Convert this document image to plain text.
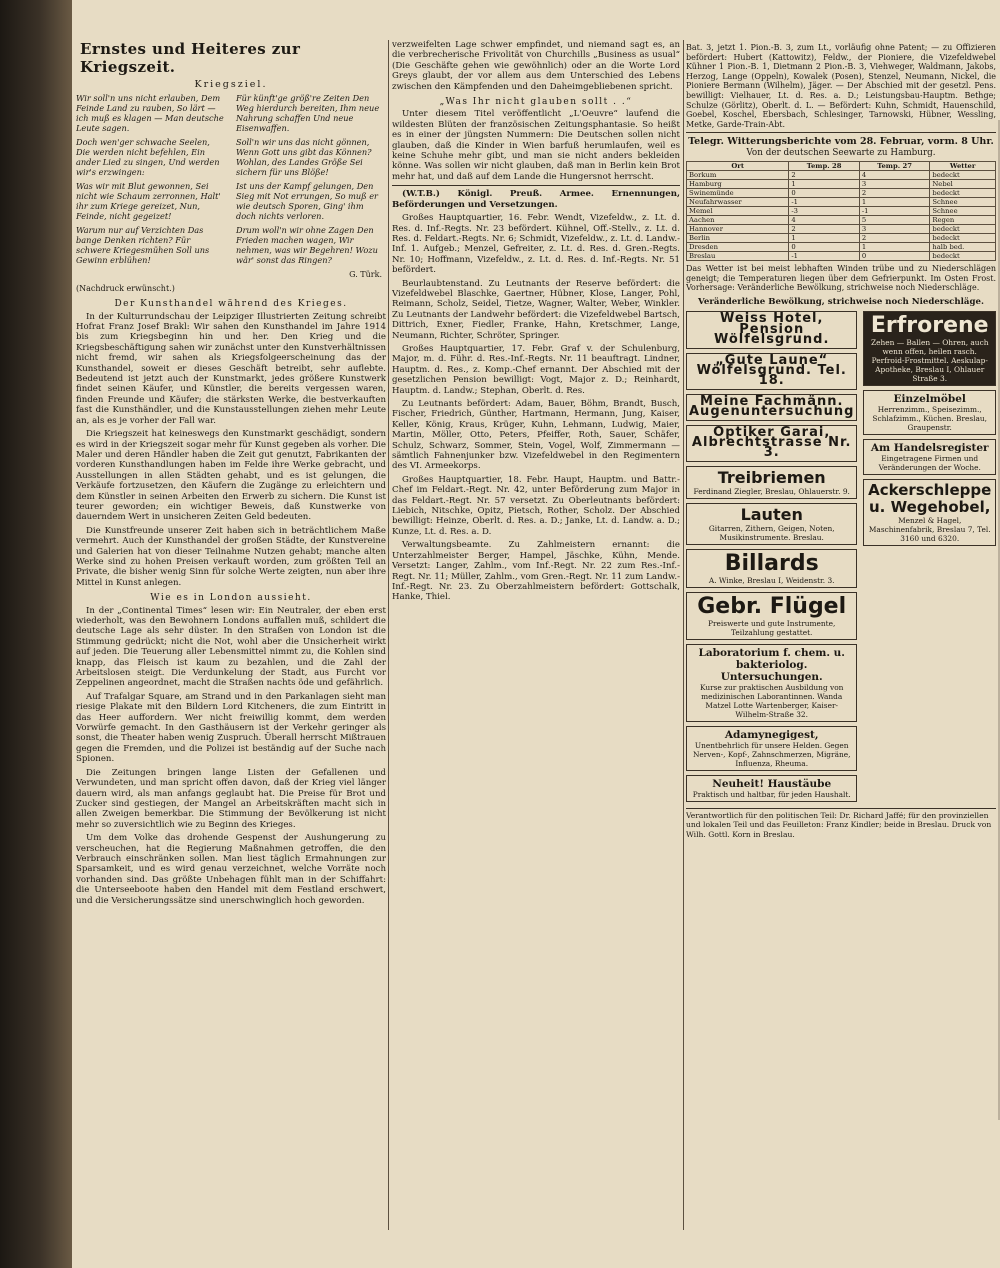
Ernstes und Heiteres zur Kriegszeit.
Kriegsziel.

Wir soll'n uns nicht erlauben, Dem Feinde Land zu rauben, So lärt — ich muß es klagen — Man deutsche Leute sagen.

Doch wen'ger schwache Seelen, Die werden nicht befehlen, Ein ander Lied zu singen, Und werden wir's erzwingen:

Was wir mit Blut gewonnen, Sei nicht wie Schaum zerronnen, Halt' ihr zum Kriege gereizet, Nun, Feinde, nicht gegeizet!

Warum nur auf Verzichten Das bange Denken richten? Für schwere Kriegesmühen Soll uns Gewinn erblühen!

Für künft'ge größ're Zeiten Den Weg hierdurch bereiten, Ihm neue Nahrung schaffen Und neue Eisenwaffen.

Soll'n wir uns das nicht gönnen, Wenn Gott uns gibt das Können? Wohlan, des Landes Größe Sei sichern für uns Blöße!

Ist uns der Kampf gelungen, Den Sieg mit Not errungen, So muß er wie deutsch Sporen, Ging' ihm doch nichts verloren.

Drum woll'n wir ohne Zagen Den Frieden machen wagen, Wir nehmen, was wir Begehren! Wozu wär' sonst das Ringen?

G. Türk.
(Nachdruck erwünscht.)
Der Kunsthandel während des Krieges.

In der Kulturrundschau der Leipziger Illustrierten Zeitung schreibt Hofrat Franz Josef Brakl: Wir sahen den Kunsthandel im Jahre 1914 bis zum Kriegsbeginn hin und her. Den Krieg und die Kriegsbeschäftigung sahen wir zunächst unter den Kunstverhältnissen nicht fremd, wir sahen als Kriegsfolgeerscheinung das der Kunsthandel, soweit er dieses Geschäft betreibt, sehr auflebte. Bedeutend ist jetzt auch der Kunstmarkt, jedes größere Kunstwerk findet seinen Käufer, und Künstler, die bereits vergessen waren, finden Freunde und Käufer; die stärksten Werke, die bestverkauften fast die Kunsthändler, und die Kunstausstellungen ziehen mehr Leute an, als es je vorher der Fall war.

Die Kriegszeit hat keineswegs den Kunstmarkt geschädigt, sondern es wird in der Kriegszeit sogar mehr für Kunst gegeben als vorher. Die Maler und deren Händler haben die Zeit gut genutzt, Fabrikanten der vorderen Kunsthandlungen haben im Felde ihre Werke gebracht, und Ausstellungen in allen Städten gehabt, und es ist gelungen, die Verkäufe fortzusetzen, den Käufern die Zugänge zu erleichtern und dem Künstler in seinen Arbeiten den Erwerb zu sichern. Die Kunst ist teurer geworden; ein wichtiger Beweis, daß Kunstwerke von dauerndem Wert in unsicheren Zeiten Geld bedeuten.

Die Kunstfreunde unserer Zeit haben sich in beträchtlichem Maße vermehrt. Auch der Kunsthandel der großen Städte, der Kunstvereine und Galerien hat von dieser Teilnahme Nutzen gehabt; manche alten Werke sind zu hohen Preisen verkauft worden, zum größten Teil an Private, die bisher wenig Sinn für solche Werte zeigten, nun aber ihre Mittel in Kunst anlegen.

Wie es in London aussieht.

In der „Continental Times“ lesen wir: Ein Neutraler, der eben erst wiederholt, was den Bewohnern Londons auffallen muß, schildert die deutsche Lage als sehr düster. In den Straßen von London ist die Stimmung gedrückt; nicht die Not, wohl aber die Unsicherheit wirkt auf jeden. Die Teuerung aller Lebensmittel nimmt zu, die Kohlen sind knapp, das Fleisch ist kaum zu bezahlen, und die Zahl der Arbeitslosen steigt. Die Verdunkelung der Stadt, aus Furcht vor Zeppelinen angeordnet, macht die Straßen nachts öde und gefährlich.

Auf Trafalgar Square, am Strand und in den Parkanlagen sieht man riesige Plakate mit den Bildern Lord Kitcheners, die zum Eintritt in das Heer auffordern. Wer nicht freiwillig kommt, dem werden Vorwürfe gemacht. In den Gasthäusern ist der Verkehr geringer als sonst, die Theater haben wenig Zuspruch. Überall herrscht Mißtrauen gegen die Fremden, und die Polizei ist beständig auf der Suche nach Spionen.

Die Zeitungen bringen lange Listen der Gefallenen und Verwundeten, und man spricht offen davon, daß der Krieg viel länger dauern wird, als man anfangs geglaubt hat. Die Preise für Brot und Zucker sind gestiegen, der Mangel an Arbeitskräften macht sich in allen Zweigen bemerkbar. Die Stimmung der Bevölkerung ist nicht mehr so zuversichtlich wie zu Beginn des Krieges.

Um dem Volke das drohende Gespenst der Aushungerung zu verscheuchen, hat die Regierung Maßnahmen getroffen, die den Verbrauch einschränken sollen. Man liest täglich Ermahnungen zur Sparsamkeit, und es wird genau verzeichnet, welche Vorräte noch vorhanden sind. Das größte Unbehagen fühlt man in der Schiffahrt: die Unterseeboote haben den Handel mit dem Festland erschwert, und die Versicherungssätze sind unerschwinglich hoch geworden.

verzweifelten Lage schwer empfindet, und niemand sagt es, an die verbrecherische Frivolität von Churchills „Business as usual“ (Die Geschäfte gehen wie gewöhnlich) oder an die Worte Lord Greys glaubt, der vor allem aus dem Unterschied des Lebens zwischen den Kämpfenden und den Daheimgebliebenen spricht.

„Was Ihr nicht glauben sollt . .“

Unter diesem Titel veröffentlicht „L'Oeuvre“ laufend die wildesten Blüten der französischen Zeitungsphantasie. So heißt es in einer der jüngsten Nummern: Die Deutschen sollen nicht glauben, daß die Kinder in Wien barfuß herumlaufen, weil es keine Schuhe mehr gibt, und man sie nicht anders bekleiden könne. Was sollen wir nicht glauben, daß man in Berlin kein Brot mehr hat, und daß auf dem Lande die Hungersnot herrscht.

(W.T.B.) Königl. Preuß. Armee. Ernennungen, Beförderungen und Versetzungen.

Großes Hauptquartier, 16. Febr. Wendt, Vizefeldw., z. Lt. d. Res. d. Inf.-Regts. Nr. 23 befördert. Kühnel, Off.-Stellv., z. Lt. d. Res. d. Feldart.-Regts. Nr. 6; Schmidt, Vizefeldw., z. Lt. d. Landw.-Inf. 1. Aufgeb.; Menzel, Gefreiter, z. Lt. d. Res. d. Gren.-Regts. Nr. 10; Hoffmann, Vizefeldw., z. Lt. d. Res. d. Inf.-Regts. Nr. 51 befördert.

Beurlaubtenstand. Zu Leutnants der Reserve befördert: die Vizefeldwebel Blaschke, Gaertner, Hübner, Klose, Langer, Pohl, Reimann, Scholz, Seidel, Tietze, Wagner, Walter, Weber, Winkler. Zu Leutnants der Landwehr befördert: die Vizefeldwebel Bartsch, Dittrich, Exner, Fiedler, Franke, Hahn, Kretschmer, Lange, Neumann, Richter, Schröter, Springer.

Großes Hauptquartier, 17. Febr. Graf v. der Schulenburg, Major, m. d. Führ. d. Res.-Inf.-Regts. Nr. 11 beauftragt. Lindner, Hauptm. d. Res., z. Komp.-Chef ernannt. Der Abschied mit der gesetzlichen Pension bewilligt: Vogt, Major z. D.; Reinhardt, Hauptm. d. Landw.; Stephan, Oberlt. d. Res.

Zu Leutnants befördert: Adam, Bauer, Böhm, Brandt, Busch, Fischer, Friedrich, Günther, Hartmann, Hermann, Jung, Kaiser, Keller, König, Kraus, Krüger, Kuhn, Lehmann, Ludwig, Maier, Martin, Möller, Otto, Peters, Pfeiffer, Roth, Sauer, Schäfer, Schulz, Schwarz, Sommer, Stein, Vogel, Wolf, Zimmermann — sämtlich Fahnenjunker bzw. Vizefeldwebel in den Regimentern des VI. Armeekorps.

Großes Hauptquartier, 18. Febr. Haupt, Hauptm. und Battr.-Chef im Feldart.-Regt. Nr. 42, unter Beförderung zum Major in das Feldart.-Regt. Nr. 57 versetzt. Zu Oberleutnants befördert: Liebich, Nitschke, Opitz, Pietsch, Rother, Scholz. Der Abschied bewilligt: Heinze, Oberlt. d. Res. a. D.; Janke, Lt. d. Landw. a. D.; Kunze, Lt. d. Res. a. D.

Verwaltungsbeamte. Zu Zahlmeistern ernannt: die Unterzahlmeister Berger, Hampel, Jäschke, Kühn, Mende. Versetzt: Langer, Zahlm., vom Inf.-Regt. Nr. 22 zum Res.-Inf.-Regt. Nr. 11; Müller, Zahlm., vom Gren.-Regt. Nr. 11 zum Landw.-Inf.-Regt. Nr. 23. Zu Oberzahlmeistern befördert: Gottschalk, Hanke, Thiel.

Bat. 3, jetzt 1. Pion.-B. 3, zum Lt., vorläufig ohne Patent; — zu Offizieren befördert: Hubert (Kattowitz), Feldw., der Pioniere, die Vizefeldwebel Kühner 1 Pion.-B. 1, Dietmann 2 Pion.-B. 3, Viehweger, Waldmann, Jakobs, Herzog, Lange (Oppeln), Kowalek (Posen), Stenzel, Neumann, Nickel, die Pioniere Bermann (Wilhelm), Jäger. — Der Abschied mit der gesetzl. Pens. bewilligt: Vielhauer, Lt. d. Res. a. D.; Leistungsbau-Hauptm. Bethge; Schulze (Görlitz), Oberlt. d. L. — Befördert: Kuhn, Schmidt, Hauenschild, Goebel, Koschel, Ebersbach, Schlesinger, Tarnowski, Hübner, Wessling, Metke, Garde-Train-Abt.

Telegr. Witterungsberichte vom 28. Februar, vorm. 8 Uhr.
Von der deutschen Seewarte zu Hamburg.
Ort	Temp. 28	Temp. 27	Wetter
Borkum	2	4	bedeckt
Hamburg	1	3	Nebel
Swinemünde	0	2	bedeckt
Neufahrwasser	-1	1	Schnee
Memel	-3	-1	Schnee
Aachen	4	5	Regen
Hannover	2	3	bedeckt
Berlin	1	2	bedeckt
Dresden	0	1	halb bed.
Breslau	-1	0	bedeckt

Das Wetter ist bei meist lebhaften Winden trübe und zu Niederschlägen geneigt; die Temperaturen liegen über dem Gefrierpunkt. Im Osten Frost. Vorhersage: Veränderliche Bewölkung, strichweise noch Niederschläge.

Veränderliche Bewölkung, strichweise noch Niederschläge.
Weiss Hotel, Pension Wölfelsgrund.
„Gute Laune“ Wölfelsgrund. Tel. 18.
Meine Fachmänn. Augenuntersuchung
Optiker Garai, Albrechtstrasse Nr. 3.
Treibriemen
Ferdinand Ziegler, Breslau, Ohlauerstr. 9.
Lauten
Gitarren, Zithern, Geigen, Noten, Musikinstrumente. Breslau.
Billards
A. Winke, Breslau I, Weidenstr. 3.
Gebr. Flügel
Preiswerte und gute Instrumente, Teilzahlung gestattet.
Laboratorium f. chem. u. bakteriolog. Untersuchungen.
Kurse zur praktischen Ausbildung von medizinischen Laborantinnen. Wanda Matzel Lotte Wartenberger, Kaiser-Wilhelm-Straße 32.
Adamynegigest,
Unentbehrlich für unsere Helden. Gegen Nerven-, Kopf-, Zahnschmerzen, Migräne, Influenza, Rheuma.
Neuheit! Haustäube
Praktisch und haltbar, für jeden Haushalt.
Erfrorene
Zehen — Ballen — Ohren, auch wenn offen, heilen rasch. Perfroid-Frostmittel. Aeskulap-Apotheke, Breslau I, Ohlauer Straße 3.
Einzelmöbel
Herrenzimm., Speisezimm., Schlafzimm., Küchen. Breslau, Graupenstr.
Am Handelsregister
Eingetragene Firmen und Veränderungen der Woche.
Ackerschleppe u. Wegehobel,
Menzel & Hagel, Maschinenfabrik, Breslau 7, Tel. 3160 und 6320.
Verantwortlich für den politischen Teil: Dr. Richard Jaffé; für den provinziellen und lokalen Teil und das Feuilleton: Franz Kindler; beide in Breslau. Druck von Wilh. Gottl. Korn in Breslau.
